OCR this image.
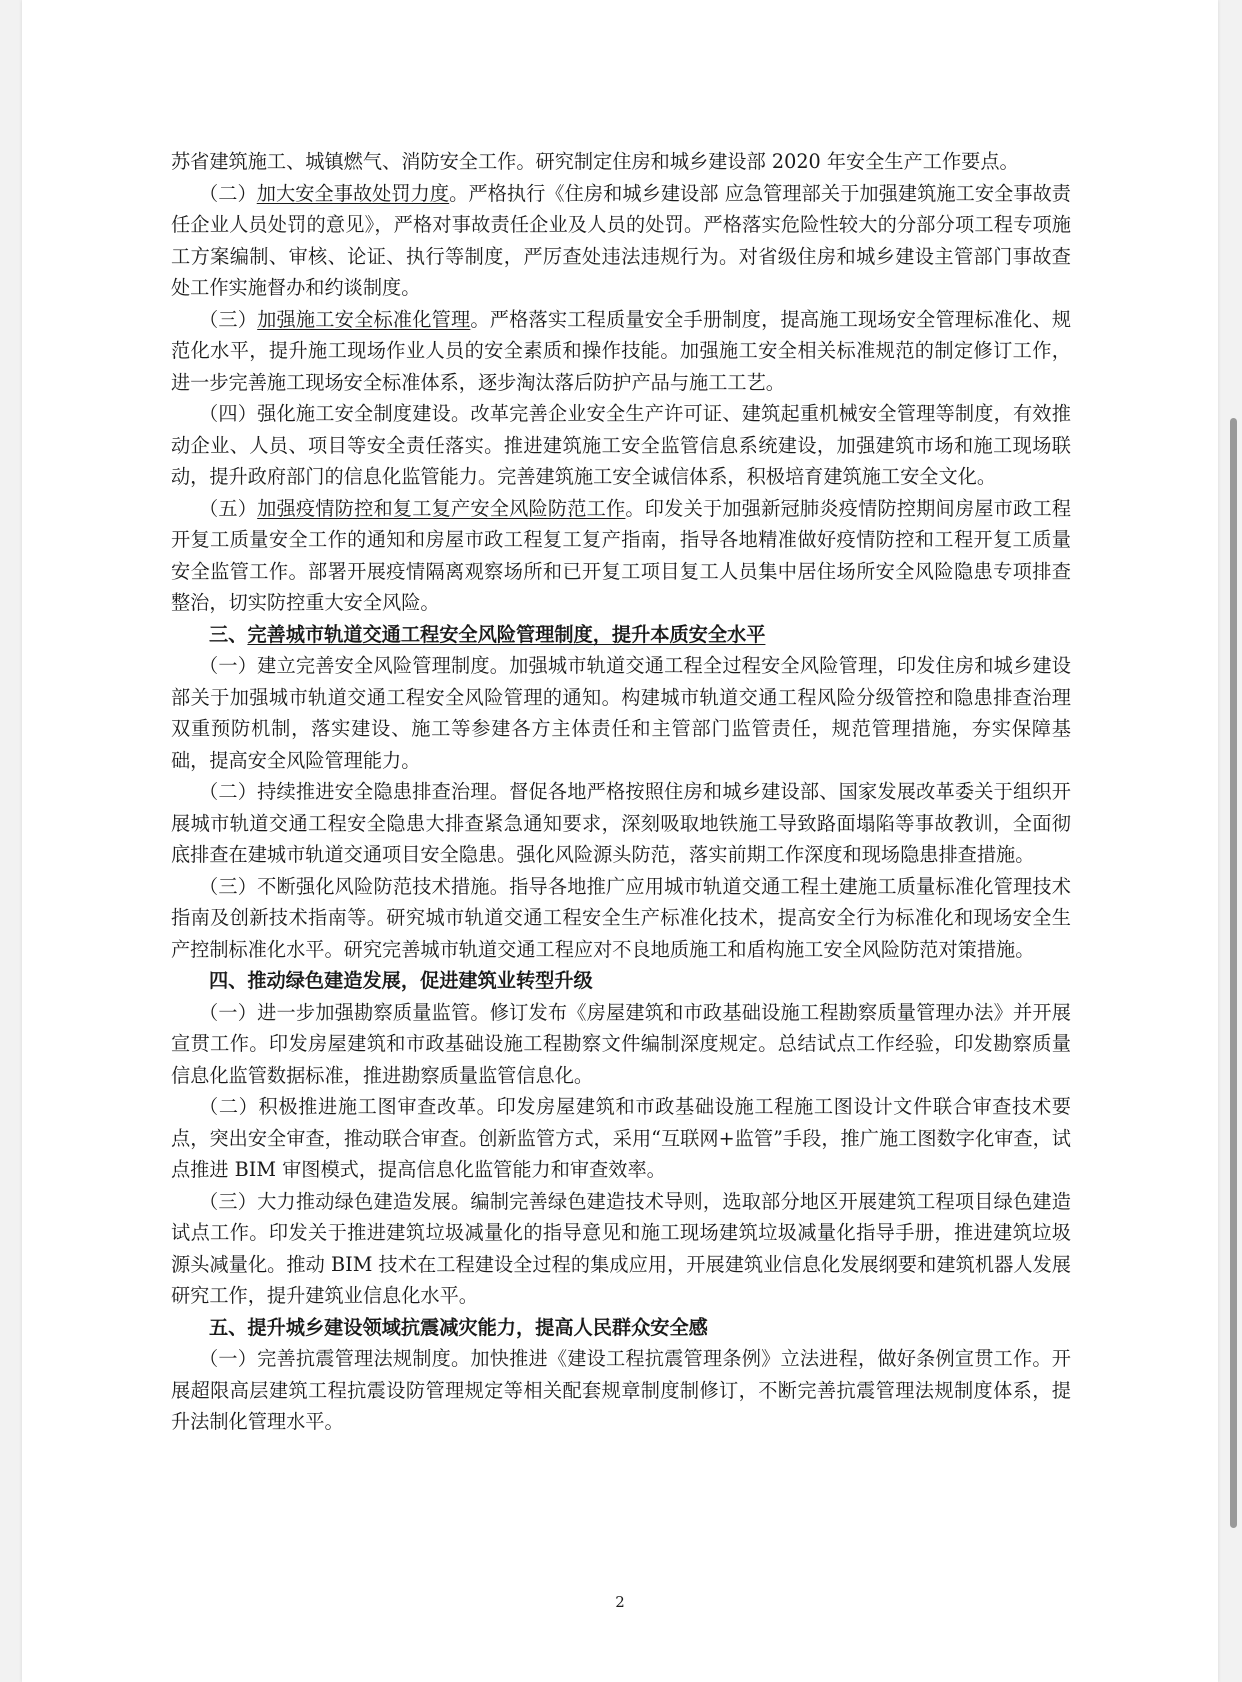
苏省建筑施工、城镇燃气、消防安全工作。研究制定住房和城乡建设部 2020 年安全生产工作要点。

（二）加大安全事故处罚力度。严格执行《住房和城乡建设部 应急管理部关于加强建筑施工安全事故责任企业人员处罚的意见》，严格对事故责任企业及人员的处罚。严格落实危险性较大的分部分项工程专项施工方案编制、审核、论证、执行等制度，严厉查处违法违规行为。对省级住房和城乡建设主管部门事故查处工作实施督办和约谈制度。

（三）加强施工安全标准化管理。严格落实工程质量安全手册制度，提高施工现场安全管理标准化、规范化水平，提升施工现场作业人员的安全素质和操作技能。加强施工安全相关标准规范的制定修订工作，进一步完善施工现场安全标准体系，逐步淘汰落后防护产品与施工工艺。

（四）强化施工安全制度建设。改革完善企业安全生产许可证、建筑起重机械安全管理等制度，有效推动企业、人员、项目等安全责任落实。推进建筑施工安全监管信息系统建设，加强建筑市场和施工现场联动，提升政府部门的信息化监管能力。完善建筑施工安全诚信体系，积极培育建筑施工安全文化。

（五）加强疫情防控和复工复产安全风险防范工作。印发关于加强新冠肺炎疫情防控期间房屋市政工程开复工质量安全工作的通知和房屋市政工程复工复产指南，指导各地精准做好疫情防控和工程开复工质量安全监管工作。部署开展疫情隔离观察场所和已开复工项目复工人员集中居住场所安全风险隐患专项排查整治，切实防控重大安全风险。

三、完善城市轨道交通工程安全风险管理制度，提升本质安全水平

（一）建立完善安全风险管理制度。加强城市轨道交通工程全过程安全风险管理，印发住房和城乡建设部关于加强城市轨道交通工程安全风险管理的通知。构建城市轨道交通工程风险分级管控和隐患排查治理双重预防机制，落实建设、施工等参建各方主体责任和主管部门监管责任，规范管理措施，夯实保障基础，提高安全风险管理能力。

（二）持续推进安全隐患排查治理。督促各地严格按照住房和城乡建设部、国家发展改革委关于组织开展城市轨道交通工程安全隐患大排查紧急通知要求，深刻吸取地铁施工导致路面塌陷等事故教训，全面彻底排查在建城市轨道交通项目安全隐患。强化风险源头防范，落实前期工作深度和现场隐患排查措施。

（三）不断强化风险防范技术措施。指导各地推广应用城市轨道交通工程土建施工质量标准化管理技术指南及创新技术指南等。研究城市轨道交通工程安全生产标准化技术，提高安全行为标准化和现场安全生产控制标准化水平。研究完善城市轨道交通工程应对不良地质施工和盾构施工安全风险防范对策措施。

四、推动绿色建造发展，促进建筑业转型升级

（一）进一步加强勘察质量监管。修订发布《房屋建筑和市政基础设施工程勘察质量管理办法》并开展宣贯工作。印发房屋建筑和市政基础设施工程勘察文件编制深度规定。总结试点工作经验，印发勘察质量信息化监管数据标准，推进勘察质量监管信息化。

（二）积极推进施工图审查改革。印发房屋建筑和市政基础设施工程施工图设计文件联合审查技术要点，突出安全审查，推动联合审查。创新监管方式，采用“互联网+监管”手段，推广施工图数字化审查，试点推进 BIM 审图模式，提高信息化监管能力和审查效率。

（三）大力推动绿色建造发展。编制完善绿色建造技术导则，选取部分地区开展建筑工程项目绿色建造试点工作。印发关于推进建筑垃圾减量化的指导意见和施工现场建筑垃圾减量化指导手册，推进建筑垃圾源头减量化。推动 BIM 技术在工程建设全过程的集成应用，开展建筑业信息化发展纲要和建筑机器人发展研究工作，提升建筑业信息化水平。

五、提升城乡建设领域抗震减灾能力，提高人民群众安全感

（一）完善抗震管理法规制度。加快推进《建设工程抗震管理条例》立法进程，做好条例宣贯工作。开展超限高层建筑工程抗震设防管理规定等相关配套规章制度制修订，不断完善抗震管理法规制度体系，提升法制化管理水平。

2
